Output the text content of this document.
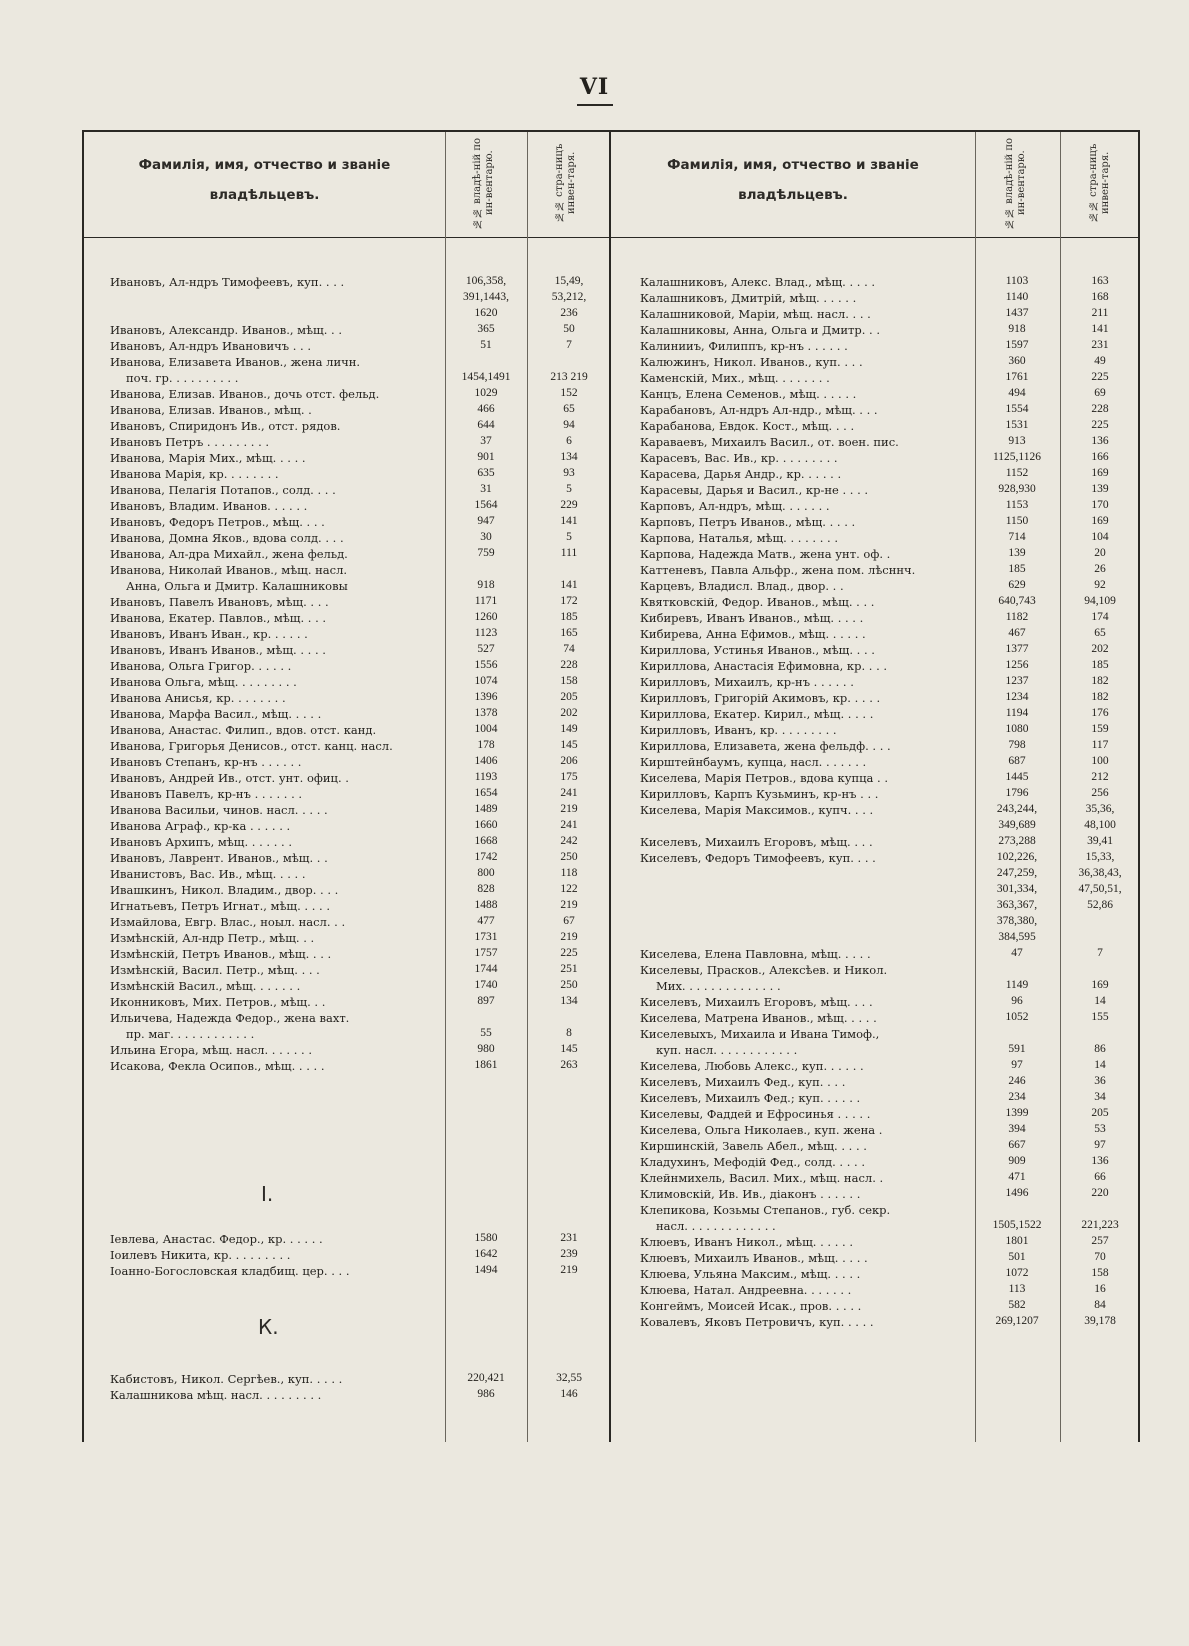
VI
Фамилія, имя, отчество и званіе
владѣльцевъ.	№№ владѣ-ній по ин-вентарю.	№№ стра-ницъ инвен-таря.	Фамилія, имя, отчество и званіе
владѣльцевъ.	№№ владѣ-ній по ин-вентарю.	№№ стра-ницъ инвен-таря.
I.
К.
Ивановъ, Ал-ндръ Тимофеевъ, куп. . . .	106,358,	15,49,
391,1443,	53,212,
1620	236
Ивановъ, Александр. Иванов., мѣщ. . .	365	50
Ивановъ, Ал-ндръ Ивановичъ . . .	51	7
Иванова, Елизавета Иванов., жена личн.
поч. гр. . . . . . . . . .	1454,1491	213 219
Иванова, Елизав. Иванов., дочь отст. фельд.	1029	152
Иванова, Елизав. Иванов., мѣщ. .	466	65
Ивановъ, Спиридонъ Ив., отст. рядов.	644	94
Ивановъ Петръ . . . . . . . . .	37	6
Иванова, Марія Мих., мѣщ. . . . .	901	134
Иванова Марія, кр. . . . . . . .	635	93
Иванова, Пелагія Потапов., солд. . . .	31	5
Ивановъ, Владим. Иванов. . . . . .	1564	229
Ивановъ, Федоръ Петров., мѣщ. . . .	947	141
Иванова, Домна Яков., вдова солд. . . .	30	5
Иванова, Ал-дра Михайл., жена фельд.	759	111
Иванова, Николай Иванов., мѣщ. насл.
Анна, Ольга и Дмитр. Калашниковы	918	141
Ивановъ, Павелъ Ивановъ, мѣщ. . . .	1171	172
Иванова, Екатер. Павлов., мѣщ. . . .	1260	185
Ивановъ, Иванъ Иван., кр. . . . . .	1123	165
Ивановъ, Иванъ Иванов., мѣщ. . . . .	527	74
Иванова, Ольга Григор. . . . . .	1556	228
Иванова Ольга, мѣщ. . . . . . . . .	1074	158
Иванова Анисья, кр. . . . . . . .	1396	205
Иванова, Марфа Васил., мѣщ. . . . .	1378	202
Иванова, Анастас. Филип., вдов. отст. канд.	1004	149
Иванова, Григорья Денисов., отст. канц. насл.	178	145
Ивановъ Степанъ, кр-нъ . . . . . .	1406	206
Ивановъ, Андрей Ив., отст. унт. офиц. .	1193	175
Ивановъ Павелъ, кр-нъ . . . . . . .	1654	241
Иванова Васильи, чинов. насл. . . . .	1489	219
Иванова Аграф., кр-ка . . . . . .	1660	241
Ивановъ Архипъ, мѣщ. . . . . . .	1668	242
Ивановъ, Лаврент. Иванов., мѣщ. . .	1742	250
Иванистовъ, Вас. Ив., мѣщ. . . . .	800	118
Ивашкинъ, Никол. Владим., двор. . . .	828	122
Игнатьевъ, Петръ Игнат., мѣщ. . . . .	1488	219
Измайлова, Евгр. Влас., ноыл. насл. . .	477	67
Измѣнскій, Ал-ндр Петр., мѣщ. . .	1731	219
Измѣнскій, Петръ Иванов., мѣщ. . . .	1757	225
Измѣнскій, Васил. Петр., мѣщ. . . .	1744	251
Измѣнскій Васил., мѣщ. . . . . . .	1740	250
Иконниковъ, Мих. Петров., мѣщ. . .	897	134
Ильичева, Надежда Федор., жена вахт.
пр. маг. . . . . . . . . . . .	55	8
Ильина Егора, мѣщ. насл. . . . . . .	980	145
Исакова, Фекла Осипов., мѣщ. . . . .	1861	263
Iевлева, Анастас. Федор., кр. . . . . .	1580	231
Iоилевъ Никита, кр. . . . . . . . .	1642	239
Iоанно-Богословская кладбищ. цер. . . .	1494	219
Кабистовъ, Никол. Сергѣев., куп. . . . .	220,421	32,55
Калашникова мѣщ. насл. . . . . . . . .	986	146
Калашниковъ, Алекс. Влад., мѣщ. . . . .	1103	163
Калашниковъ, Дмитрій, мѣщ. . . . . .	1140	168
Калашниковой, Маріи, мѣщ. насл. . . .	1437	211
Калашниковы, Анна, Ольга и Дмитр. . .	918	141
Калинииъ, Филиппъ, кр-нъ . . . . . .	1597	231
Калюжинъ, Никол. Иванов., куп. . . .	360	49
Каменскій, Мих., мѣщ. . . . . . . .	1761	225
Канцъ, Елена Семенов., мѣщ. . . . . .	494	69
Карабановъ, Ал-ндръ Ал-ндр., мѣщ. . . .	1554	228
Карабанова, Евдок. Кост., мѣщ. . . .	1531	225
Караваевъ, Михаилъ Васил., от. воен. пис.	913	136
Карасевъ, Вас. Ив., кр. . . . . . . . .	1125,1126	166
Карасева, Дарья Андр., кр. . . . . .	1152	169
Карасевы, Дарья и Васил., кр-не . . . .	928,930	139
Карповъ, Ал-ндръ, мѣщ. . . . . . .	1153	170
Карповъ, Петръ Иванов., мѣщ. . . . .	1150	169
Карпова, Наталья, мѣщ. . . . . . . .	714	104
Карпова, Надежда Матв., жена унт. оф. .	139	20
Каттеневъ, Павла Альфр., жена пом. лѣсннч.	185	26
Карцевъ, Владисл. Влад., двор. . .	629	92
Квятковскій, Федор. Иванов., мѣщ. . . .	640,743	94,109
Кибиревъ, Иванъ Иванов., мѣщ. . . . .	1182	174
Кибирева, Анна Ефимов., мѣщ. . . . . .	467	65
Кириллова, Устинья Иванов., мѣщ. . . .	1377	202
Кириллова, Анастасія Ефимовна, кр. . . .	1256	185
Кирилловъ, Михаилъ, кр-нъ . . . . . .	1237	182
Кирилловъ, Григорій Акимовъ, кр. . . . .	1234	182
Кириллова, Екатер. Кирил., мѣщ. . . . .	1194	176
Кирилловъ, Иванъ, кр. . . . . . . . .	1080	159
Кириллова, Елизавета, жена фельдф. . . .	798	117
Кирштейнбаумъ, купца, насл. . . . . . .	687	100
Киселева, Марія Петров., вдова купца . .	1445	212
Кирилловъ, Карпъ Кузьминъ, кр-нъ . . .	1796	256
Киселева, Марія Максимов., купч. . . .	243,244,	35,36,
349,689	48,100
Киселевъ, Михаилъ Егоровъ, мѣщ. . . .	273,288	39,41
Киселевъ, Федоръ Тимофеевъ, куп. . . .	102,226,	15,33,
247,259,	36,38,43,
301,334,	47,50,51,
363,367,	52,86
378,380,
384,595
Киселева, Елена Павловна, мѣщ. . . . .	47	7
Киселевы, Прасков., Алексѣев. и Никол.
Мих. . . . . . . . . . . . . .	1149	169
Киселевъ, Михаилъ Егоровъ, мѣщ. . . .	96	14
Киселева, Матрена Иванов., мѣщ. . . . .	1052	155
Киселевыхъ, Михаила и Ивана Тимоф.,
куп. насл. . . . . . . . . . . .	591	86
Киселева, Любовь Алекс., куп. . . . . .	97	14
Киселевъ, Михаилъ Фед., куп. . . .	246	36
Киселевъ, Михаилъ Фед.; куп. . . . . .	234	34
Киселевы, Фаддей и Ефросинья . . . . .	1399	205
Киселева, Ольга Николаев., куп. жена .	394	53
Киршинскій, Завель Абел., мѣщ. . . . .	667	97
Кладухинъ, Мефодій Фед., солд. . . . .	909	136
Клейнмихель, Васил. Мих., мѣщ. насл. .	471	66
Климовскій, Ив. Ив., діаконъ . . . . . .	1496	220
Клепикова, Козьмы Степанов., губ. секр.
насл. . . . . . . . . . . . .	1505,1522	221,223
Клюевъ, Иванъ Никол., мѣщ. . . . . .	1801	257
Клюевъ, Михаилъ Иванов., мѣщ. . . . .	501	70
Клюева, Ульяна Максим., мѣщ. . . . .	1072	158
Клюева, Натал. Андреевна. . . . . . .	113	16
Конгеймъ, Моисей Исак., пров. . . . .	582	84
Ковалевъ, Яковъ Петровичъ, куп. . . . .	269,1207	39,178
